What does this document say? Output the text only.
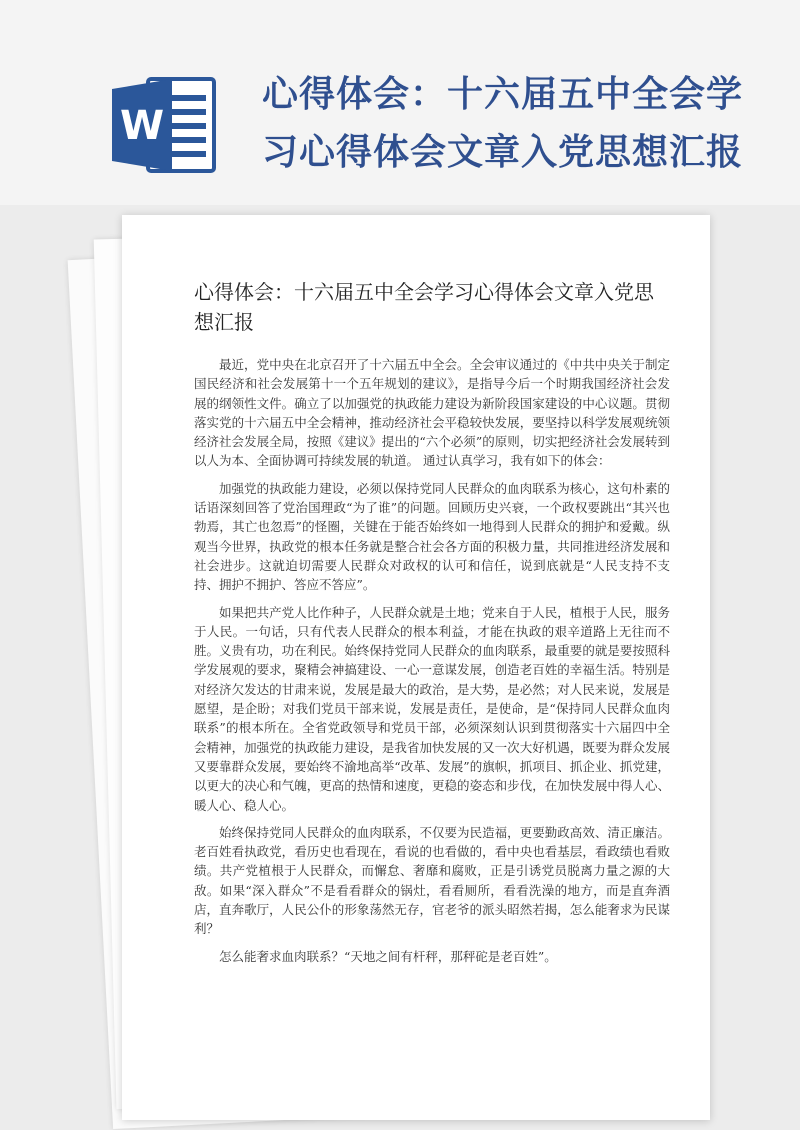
W
心得体会：十六届五中全会学习心得体会文章入党思想汇报
心得体会：十六届五中全会学习心得体会文章入党思想汇报

最近，党中央在北京召开了十六届五中全会。全会审议通过的《中共中央关于制定国民经济和社会发展第十一个五年规划的建议》，是指导今后一个时期我国经济社会发展的纲领性文件。确立了以加强党的执政能力建设为新阶段国家建设的中心议题。贯彻落实党的十六届五中全会精神，推动经济社会平稳较快发展，要坚持以科学发展观统领经济社会发展全局，按照《建议》提出的“六个必须”的原则，切实把经济社会发展转到以人为本、全面协调可持续发展的轨道。 通过认真学习，我有如下的体会：

加强党的执政能力建设，必须以保持党同人民群众的血肉联系为核心，这句朴素的话语深刻回答了党治国理政“为了谁”的问题。回顾历史兴衰，一个政权要跳出“其兴也勃焉，其亡也忽焉”的怪圈，关键在于能否始终如一地得到人民群众的拥护和爱戴。纵观当今世界，执政党的根本任务就是整合社会各方面的积极力量，共同推进经济发展和社会进步。这就迫切需要人民群众对政权的认可和信任，说到底就是“人民支持不支持、拥护不拥护、答应不答应”。

如果把共产党人比作种子，人民群众就是土地；党来自于人民，植根于人民，服务于人民。一句话，只有代表人民群众的根本利益，才能在执政的艰辛道路上无往而不胜。义贵有功，功在利民。始终保持党同人民群众的血肉联系，最重要的就是要按照科学发展观的要求，聚精会神搞建设、一心一意谋发展，创造老百姓的幸福生活。特别是对经济欠发达的甘肃来说，发展是最大的政治，是大势，是必然；对人民来说，发展是愿望，是企盼；对我们党员干部来说，发展是责任，是使命，是“保持同人民群众血肉联系”的根本所在。全省党政领导和党员干部，必须深刻认识到贯彻落实十六届四中全会精神，加强党的执政能力建设，是我省加快发展的又一次大好机遇，既要为群众发展又要靠群众发展，要始终不渝地高举“改革、发展”的旗帜，抓项目、抓企业、抓党建，以更大的决心和气魄，更高的热情和速度，更稳的姿态和步伐，在加快发展中得人心、暖人心、稳人心。

始终保持党同人民群众的血肉联系，不仅要为民造福，更要勤政高效、清正廉洁。老百姓看执政党，看历史也看现在，看说的也看做的，看中央也看基层，看政绩也看败绩。共产党植根于人民群众，而懈怠、奢靡和腐败，正是引诱党员脱离力量之源的大敌。如果“深入群众”不是看看群众的锅灶，看看厕所，看看洗澡的地方，而是直奔酒店，直奔歌厅，人民公仆的形象荡然无存，官老爷的派头昭然若揭，怎么能奢求为民谋利？

怎么能奢求血肉联系？“天地之间有杆秤，那秤砣是老百姓”。
